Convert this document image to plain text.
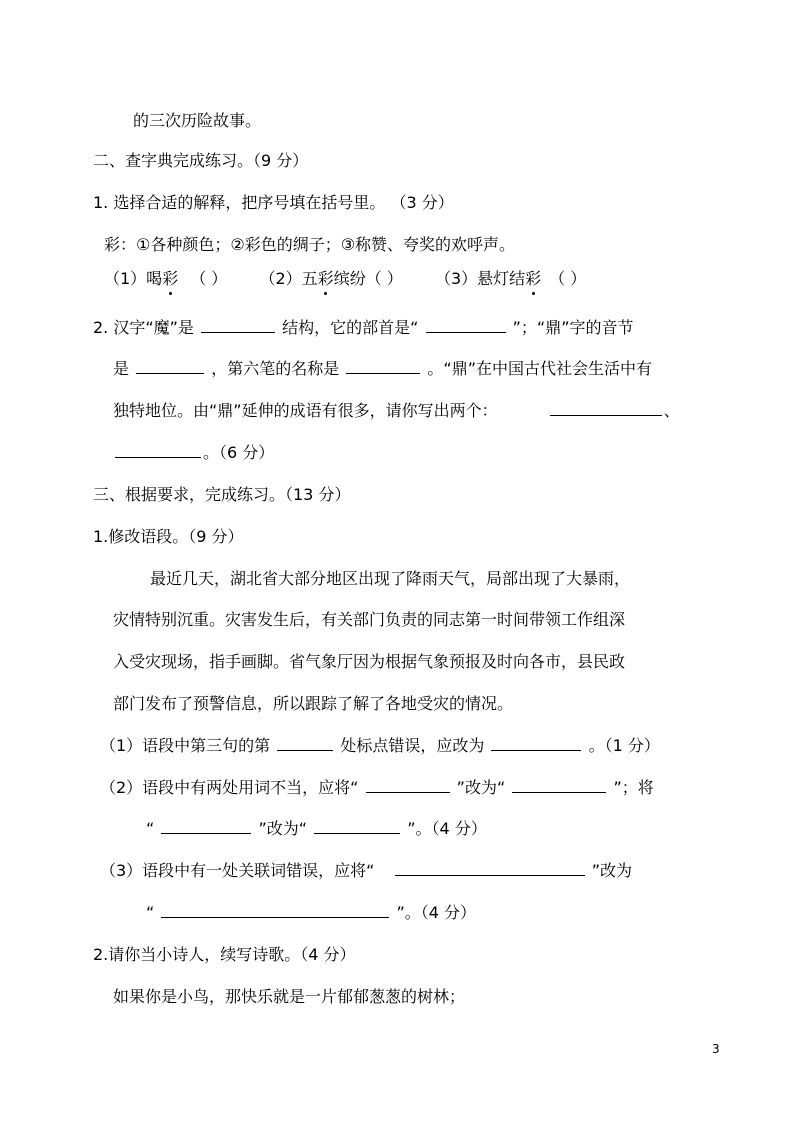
的三次历险故事。
二、查字典完成练习。（9 分）
1. 选择合适的解释，把序号填在括号里。 （3 分）
彩：①各种颜色；②彩色的绸子；③称赞、夸奖的欢呼声。
（1）喝彩 （ ） （2）五彩缤纷（ ） （3）悬灯结彩 （ ）
2. 汉字“魔”是	结构，它的部首是“	”；“鼎”字的音节
是	，第六笔的名称是	。“鼎”在中国古代社会生活中有
独特地位。由“鼎”延伸的成语有很多，请你写出两个：	、
。（6 分）
三、根据要求，完成练习。（13 分）
1.修改语段。（9 分）
最近几天，湖北省大部分地区出现了降雨天气，局部出现了大暴雨，
灾情特别沉重。灾害发生后，有关部门负责的同志第一时间带领工作组深
入受灾现场，指手画脚。省气象厅因为根据气象预报及时向各市，县民政
部门发布了预警信息，所以跟踪了解了各地受灾的情况。
（1）语段中第三句的第	处标点错误，应改为	。（1 分）
（2）语段中有两处用词不当，应将“	”改为“	”；将
“	”改为“	”。（4 分）
（3）语段中有一处关联词错误，应将“	”改为
“	”。（4 分）
2.请你当小诗人，续写诗歌。（4 分）
如果你是小鸟，那快乐就是一片郁郁葱葱的树林；
3
